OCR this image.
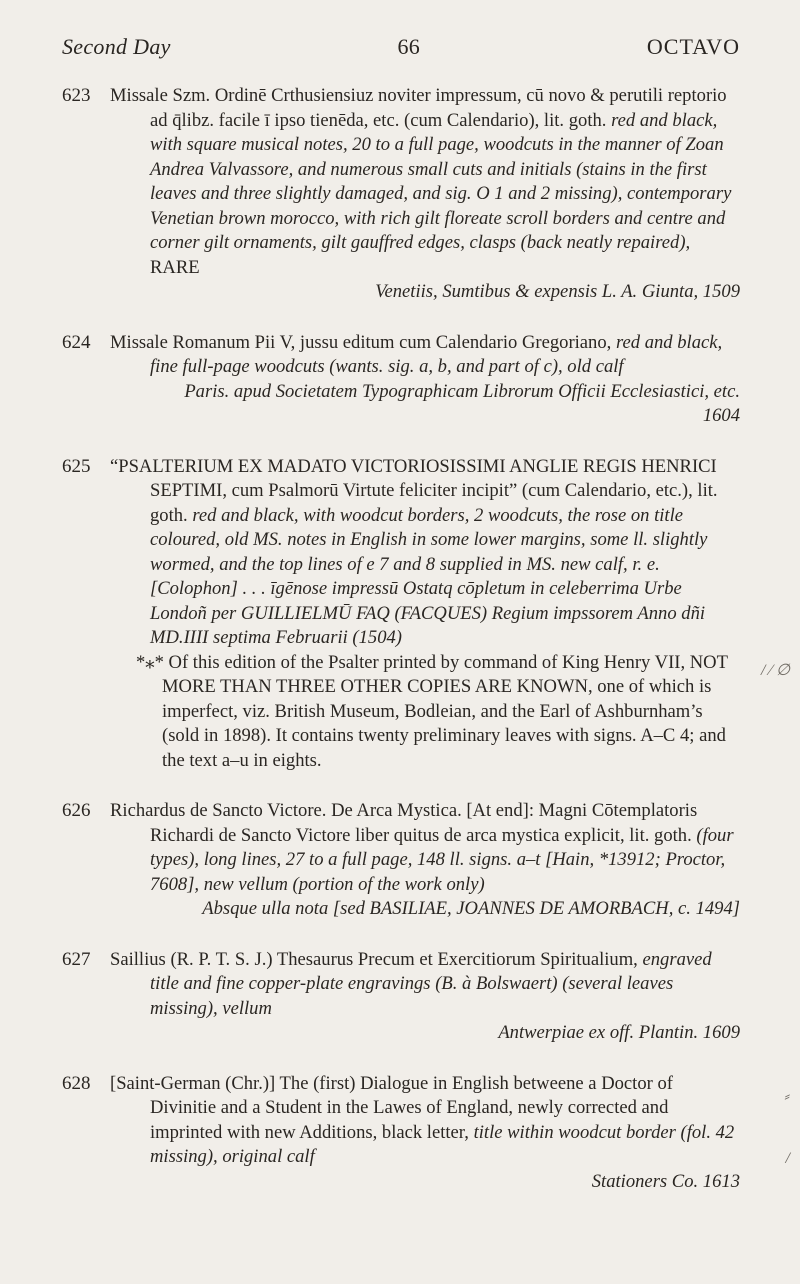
Second Day	66	OCTAVO
623	Missale Szm. Ordinē Crthusiensiuz noviter impressum, cū novo & perutili reptorio ad q̄libz. facile ī ipso tienēda, etc. (cum Calendario), lit. goth. red and black, with square musical notes, 20 to a full page, woodcuts in the manner of Zoan Andrea Valvassore, and numerous small cuts and initials (stains in the first leaves and three slightly damaged, and sig. O 1 and 2 missing), contemporary Venetian brown morocco, with rich gilt floreate scroll borders and centre and corner gilt ornaments, gilt gauffred edges, clasps (back neatly repaired), RARE
Venetiis, Sumtibus & expensis L. A. Giunta, 1509
624	Missale Romanum Pii V, jussu editum cum Calendario Gregoriano, red and black, fine full-page woodcuts (wants. sig. a, b, and part of c), old calf
Paris. apud Societatem Typographicam Librorum Officii Ecclesiastici, etc. 1604
625	“PSALTERIUM EX MADATO VICTORIOSISSIMI ANGLIE REGIS HENRICI SEPTIMI, cum Psalmorū Virtute feliciter incipit” (cum Calendario, etc.), lit. goth. red and black, with woodcut borders, 2 woodcuts, the rose on title coloured, old MS. notes in English in some lower margins, some ll. slightly wormed, and the top lines of e 7 and 8 supplied in MS. new calf, r. e. [Colophon] . . . īgēnose impressū Ostatq cōpletum in celeberrima Urbe Londoñ per GUILLIELMŪ FAQ (FACQUES) Regium impssorem Anno dñi MD.IIII septima Februarii (1504)
*⁎* Of this edition of the Psalter printed by command of King Henry VII, NOT MORE THAN THREE OTHER COPIES ARE KNOWN, one of which is imperfect, viz. British Museum, Bodleian, and the Earl of Ashburnham’s (sold in 1898). It contains twenty preliminary leaves with signs. A–C 4; and the text a–u in eights.
626	Richardus de Sancto Victore. De Arca Mystica. [At end]: Magni Cōtemplatoris Richardi de Sancto Victore liber quitus de arca mystica explicit, lit. goth. (four types), long lines, 27 to a full page, 148 ll. signs. a–t [Hain, *13912; Proctor, 7608], new vellum (portion of the work only)
Absque ulla nota [sed BASILIAE, JOANNES DE AMORBACH, c. 1494]
627	Saillius (R. P. T. S. J.) Thesaurus Precum et Exercitiorum Spiritualium, engraved title and fine copper-plate engravings (B. à Bolswaert) (several leaves missing), vellum
Antwerpiae ex off. Plantin. 1609
628	[Saint-German (Chr.)] The (first) Dialogue in English betweene a Doctor of Divinitie and a Student in the Lawes of England, newly corrected and imprinted with new Additions, black letter, title within woodcut border (fol. 42 missing), original calf
Stationers Co. 1613
/ ⁄ ∅
⸗
/
